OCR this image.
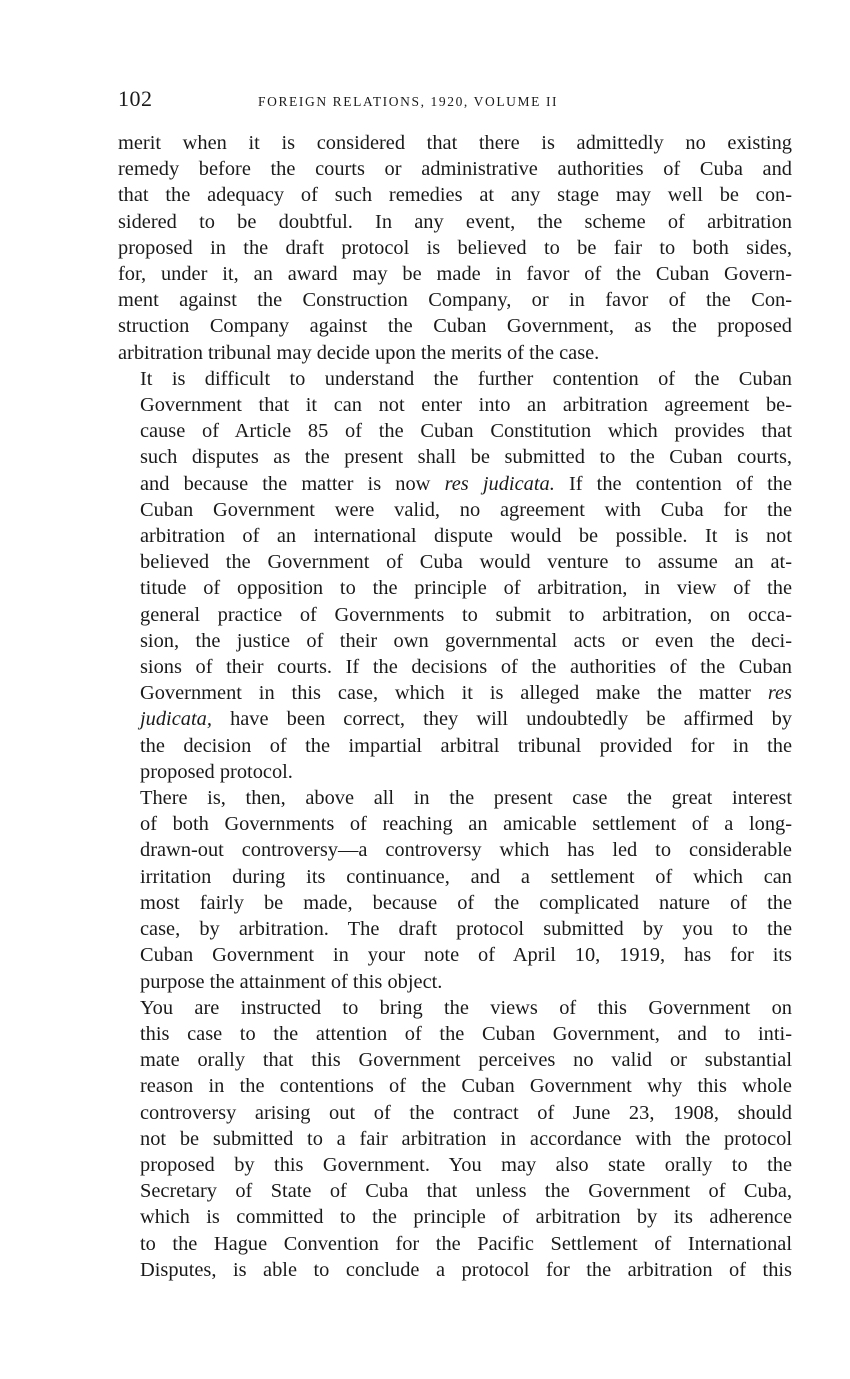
102	FOREIGN RELATIONS, 1920, VOLUME II

merit when it is considered that there is admittedly no existing
remedy before the courts or administrative authorities of Cuba and
that the adequacy of such remedies at any stage may well be con-
sidered to be doubtful. In any event, the scheme of arbitration
proposed in the draft protocol is believed to be fair to both sides,
for, under it, an award may be made in favor of the Cuban Govern-
ment against the Construction Company, or in favor of the Con-
struction Company against the Cuban Government, as the proposed
arbitration tribunal may decide upon the merits of the case.

It is difficult to understand the further contention of the Cuban
Government that it can not enter into an arbitration agreement be-
cause of Article 85 of the Cuban Constitution which provides that
such disputes as the present shall be submitted to the Cuban courts,
and because the matter is now res judicata. If the contention of the
Cuban Government were valid, no agreement with Cuba for the
arbitration of an international dispute would be possible. It is not
believed the Government of Cuba would venture to assume an at-
titude of opposition to the principle of arbitration, in view of the
general practice of Governments to submit to arbitration, on occa-
sion, the justice of their own governmental acts or even the deci-
sions of their courts. If the decisions of the authorities of the Cuban
Government in this case, which it is alleged make the matter res
judicata, have been correct, they will undoubtedly be affirmed by
the decision of the impartial arbitral tribunal provided for in the
proposed protocol.

There is, then, above all in the present case the great interest
of both Governments of reaching an amicable settlement of a long-
drawn-out controversy—a controversy which has led to considerable
irritation during its continuance, and a settlement of which can
most fairly be made, because of the complicated nature of the
case, by arbitration. The draft protocol submitted by you to the
Cuban Government in your note of April 10, 1919, has for its
purpose the attainment of this object.

You are instructed to bring the views of this Government on
this case to the attention of the Cuban Government, and to inti-
mate orally that this Government perceives no valid or substantial
reason in the contentions of the Cuban Government why this whole
controversy arising out of the contract of June 23, 1908, should
not be submitted to a fair arbitration in accordance with the protocol
proposed by this Government. You may also state orally to the
Secretary of State of Cuba that unless the Government of Cuba,
which is committed to the principle of arbitration by its adherence
to the Hague Convention for the Pacific Settlement of International
Disputes, is able to conclude a protocol for the arbitration of this
